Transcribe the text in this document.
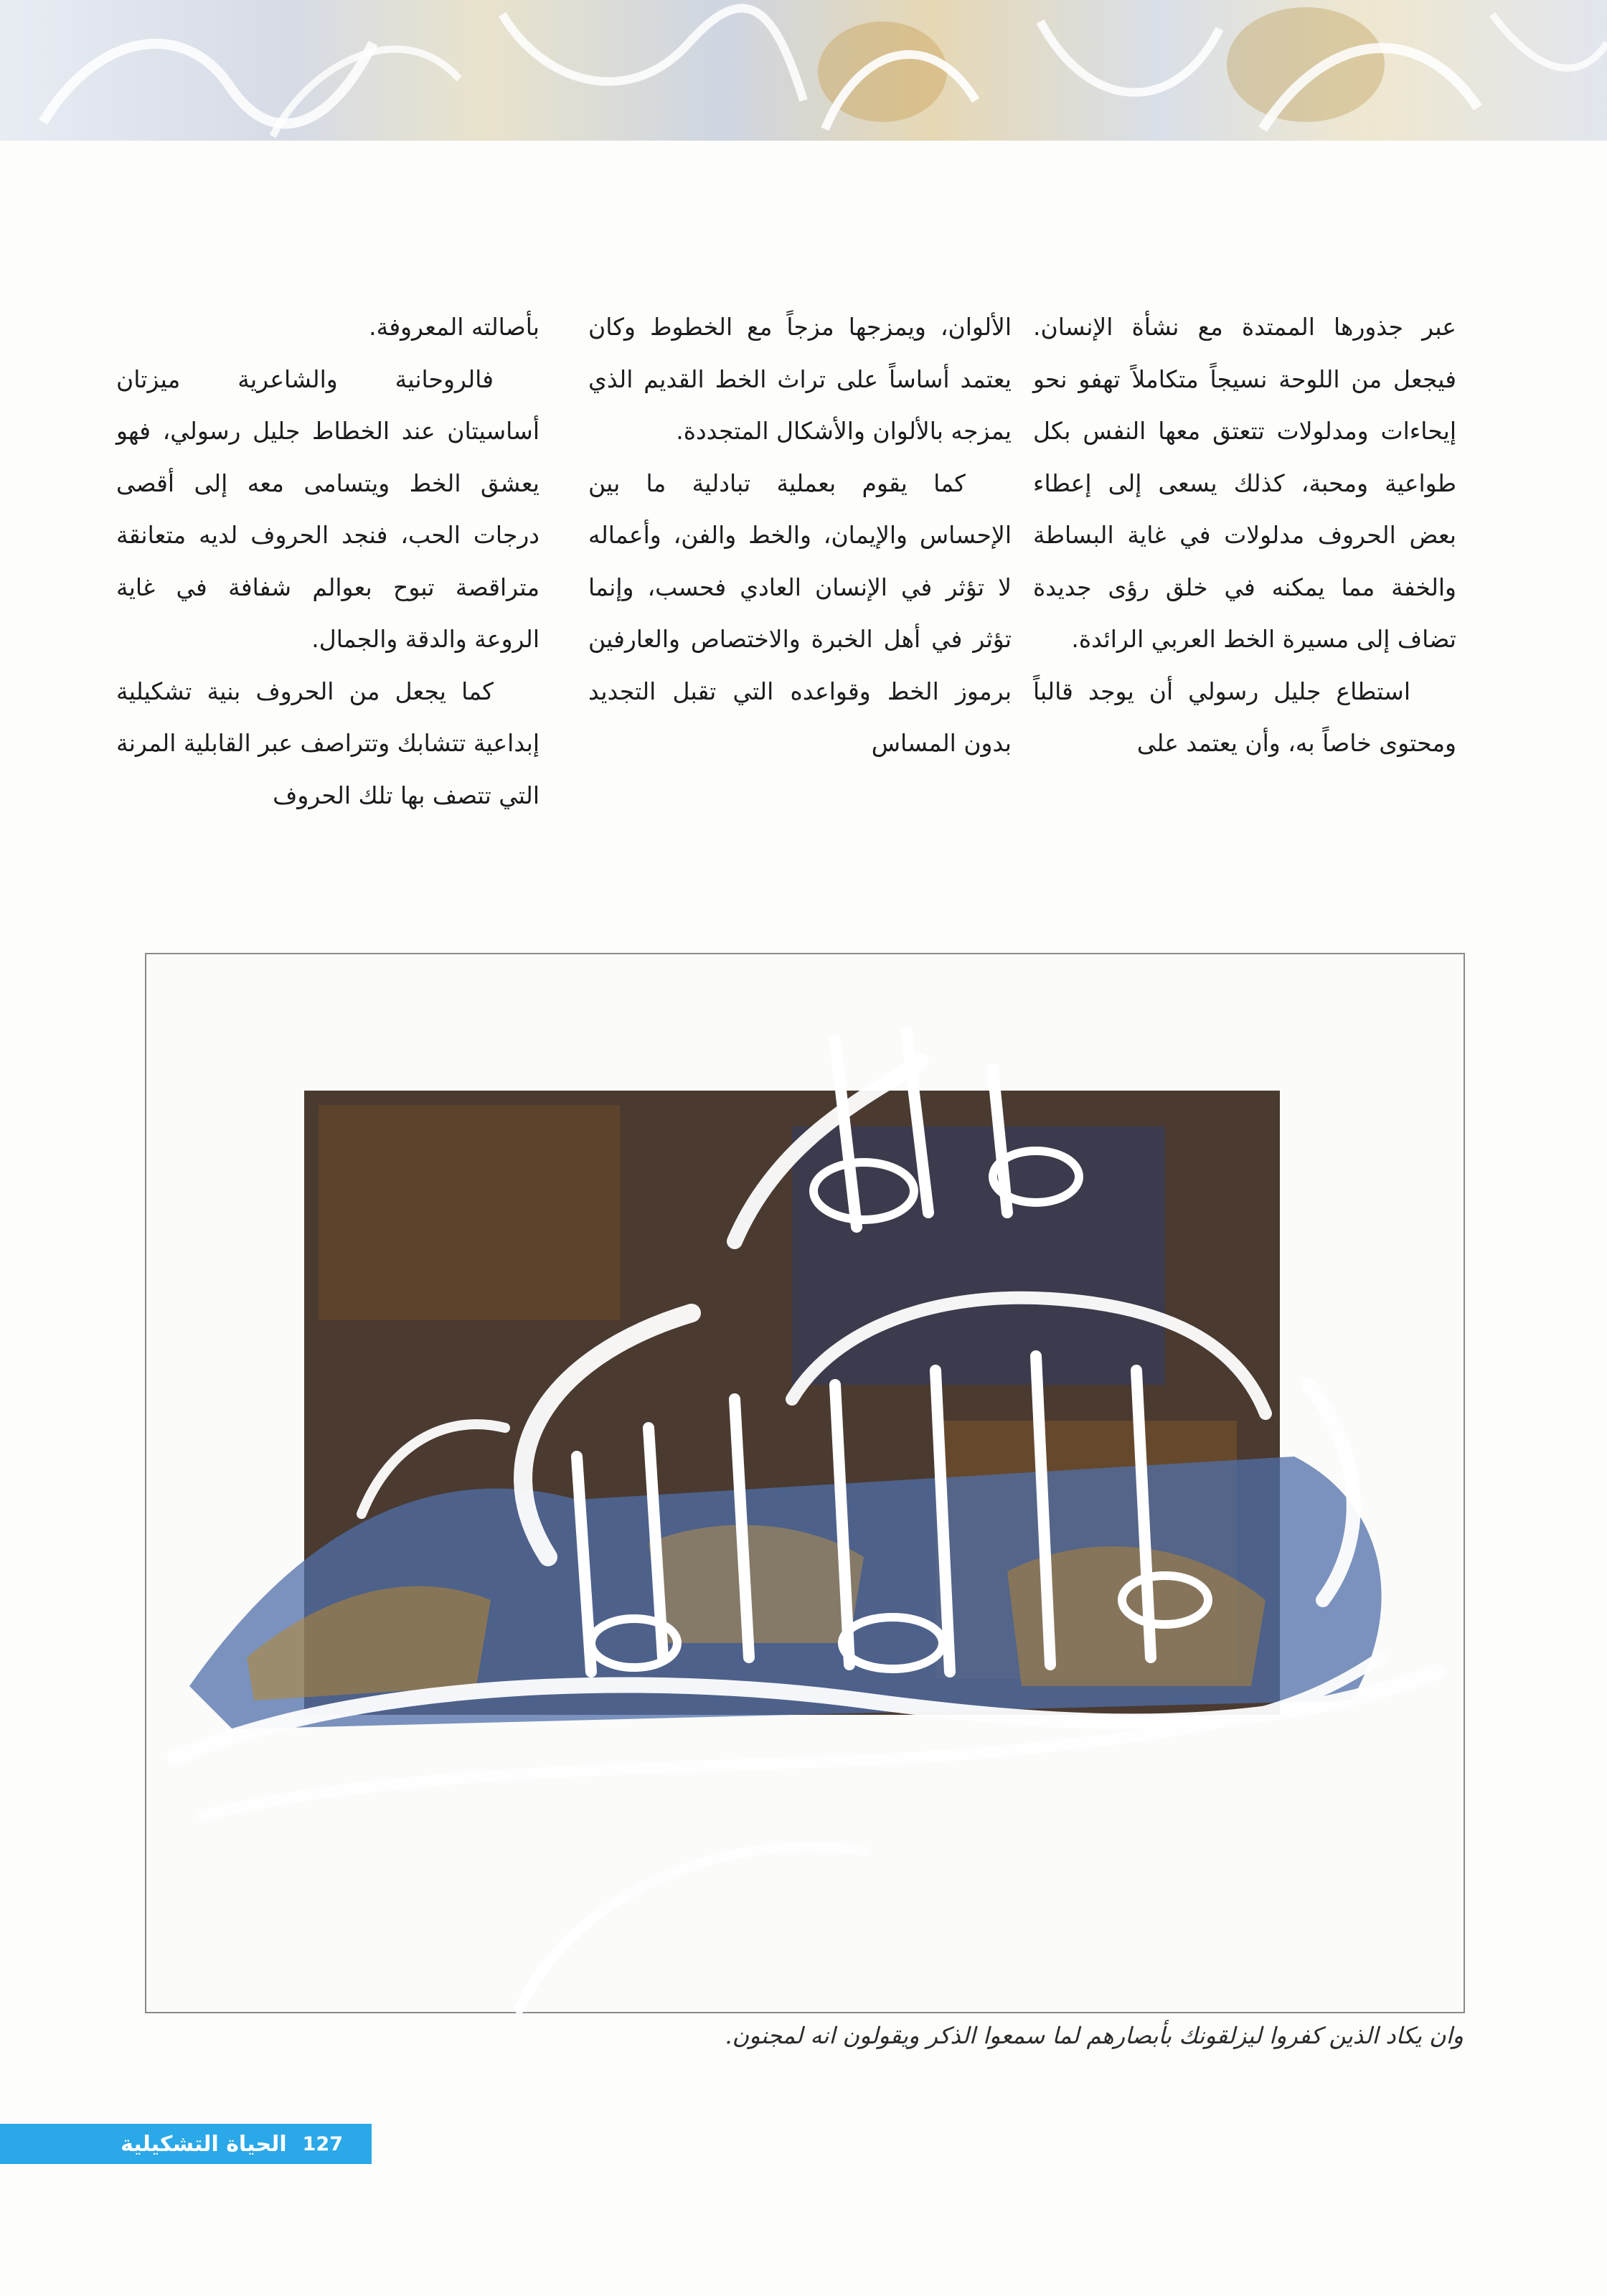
عبر جذورها الممتدة مع نشأة الإنسان. فيجعل من اللوحة نسيجاً متكاملاً تهفو نحو إيحاءات ومدلولات تتعتق معها النفس بكل طواعية ومحبة، كذلك يسعى إلى إعطاء بعض الحروف مدلولات في غاية البساطة والخفة مما يمكنه في خلق رؤى جديدة تضاف إلى مسيرة الخط العربي الرائدة.

استطاع جليل رسولي أن يوجد قالباً ومحتوى خاصاً به، وأن يعتمد على

الألوان، ويمزجها مزجاً مع الخطوط وكان يعتمد أساساً على تراث الخط القديم الذي يمزجه بالألوان والأشكال المتجددة.

كما يقوم بعملية تبادلية ما بين الإحساس والإيمان، والخط والفن، وأعماله لا تؤثر في الإنسان العادي فحسب، وإنما تؤثر في أهل الخبرة والاختصاص والعارفين برموز الخط وقواعده التي تقبل التجديد بدون المساس

بأصالته المعروفة.

فالروحانية والشاعرية ميزتان أساسيتان عند الخطاط جليل رسولي، فهو يعشق الخط ويتسامى معه إلى أقصى درجات الحب، فنجد الحروف لديه متعانقة متراقصة تبوح بعوالم شفافة في غاية الروعة والدقة والجمال.

كما يجعل من الحروف بنية تشكيلية إبداعية تتشابك وتتراصف عبر القابلية المرنة التي تتصف بها تلك الحروف

وان يكاد الذين كفروا ليزلقونك بأبصارهم لما سمعوا الذكر ويقولون انه لمجنون.
الحياة التشكيلية 127
